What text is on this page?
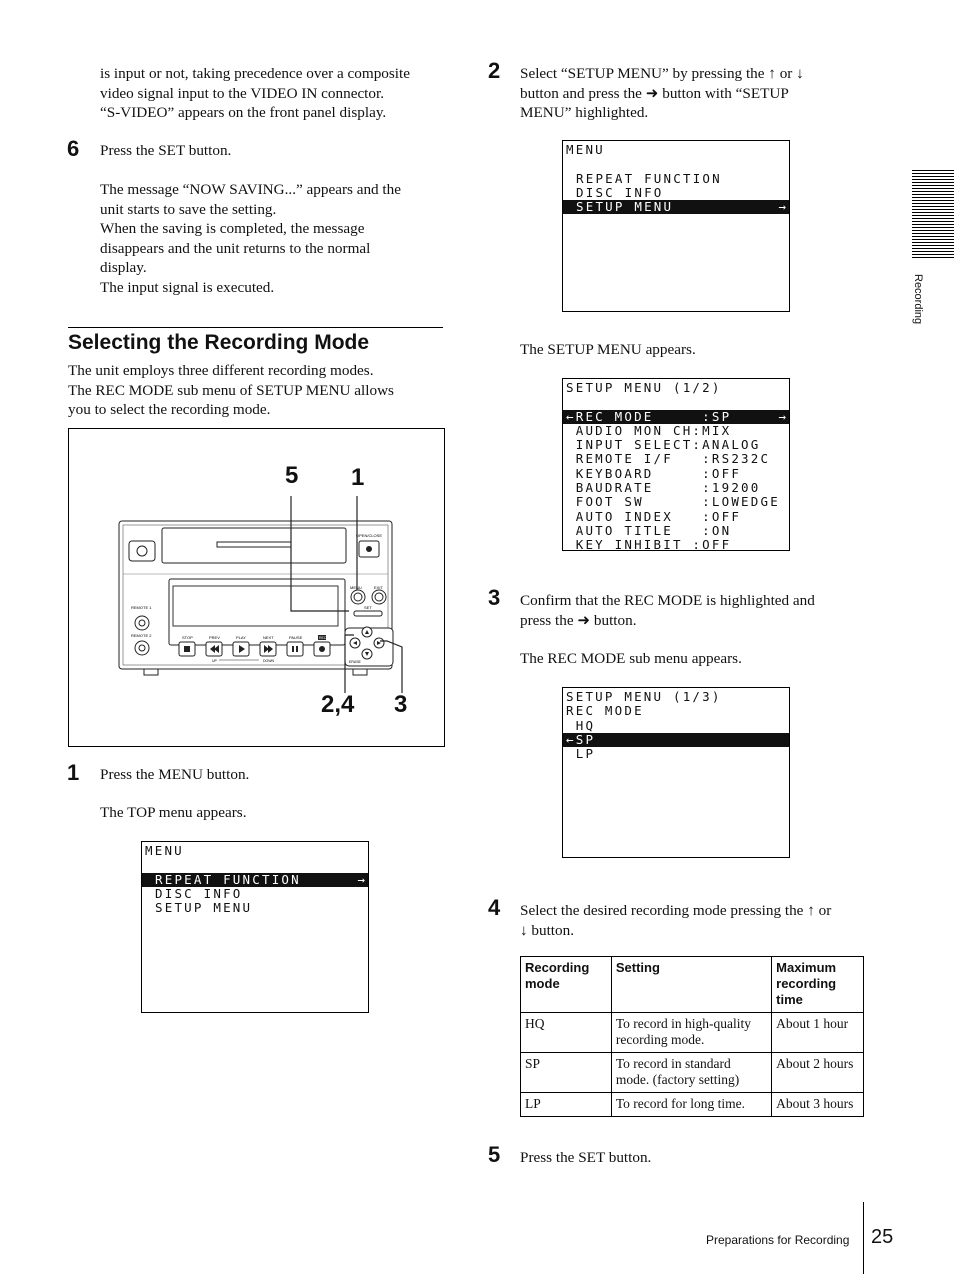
is input or not, taking precedence over a composite
video signal input to the VIDEO IN connector.
“S-VIDEO” appears on the front panel display.
6 Press the SET button.
The message “NOW SAVING...” appears and the
unit starts to save the setting.
When the saving is completed, the message
disappears and the unit returns to the normal
display.
The input signal is executed.
Selecting the Recording Mode
The unit employs three different recording modes.
The REC MODE sub menu of SETUP MENU allows
you to select the recording mode.
OPEN/CLOSE
REMOTE 1
REMOTE 2	STOP	PREV	PLAY	NEXT	PAUSE	REC
UP	DOWN
MENU	EXIT
SET
ERASE
5 1
2,4 3
1 Press the MENU button.
The TOP menu appears.
MENU
REPEAT FUNCTION	→
DISC INFO
SETUP MENU
2 Select “SETUP MENU” by pressing the ↑ or ↓
button and press the ➜ button with “SETUP
MENU” highlighted.
MENU
REPEAT FUNCTION
DISC INFO
SETUP MENU	→
The SETUP MENU appears.
SETUP MENU (1/2)
←REC MODE     :SP	→
AUDIO MON CH:MIX
INPUT SELECT:ANALOG
REMOTE I/F   :RS232C
KEYBOARD     :OFF
BAUDRATE     :19200
FOOT SW      :LOWEDGE
AUTO INDEX   :OFF
AUTO TITLE   :ON
KEY INHIBIT :OFF
3 Confirm that the REC MODE is highlighted and
press the ➜ button.
The REC MODE sub menu appears.
SETUP MENU (1/3)
REC MODE
HQ
←SP
LP
4 Select the desired recording mode pressing the ↑ or
↓ button.
Recording mode	Setting	Maximum recording time
HQ	To record in high-quality recording mode.	About 1 hour
SP	To record in standard mode. (factory setting)	About 2 hours
LP	To record for long time.	About 3 hours
5 Press the SET button.
Recording
Preparations for Recording 25
